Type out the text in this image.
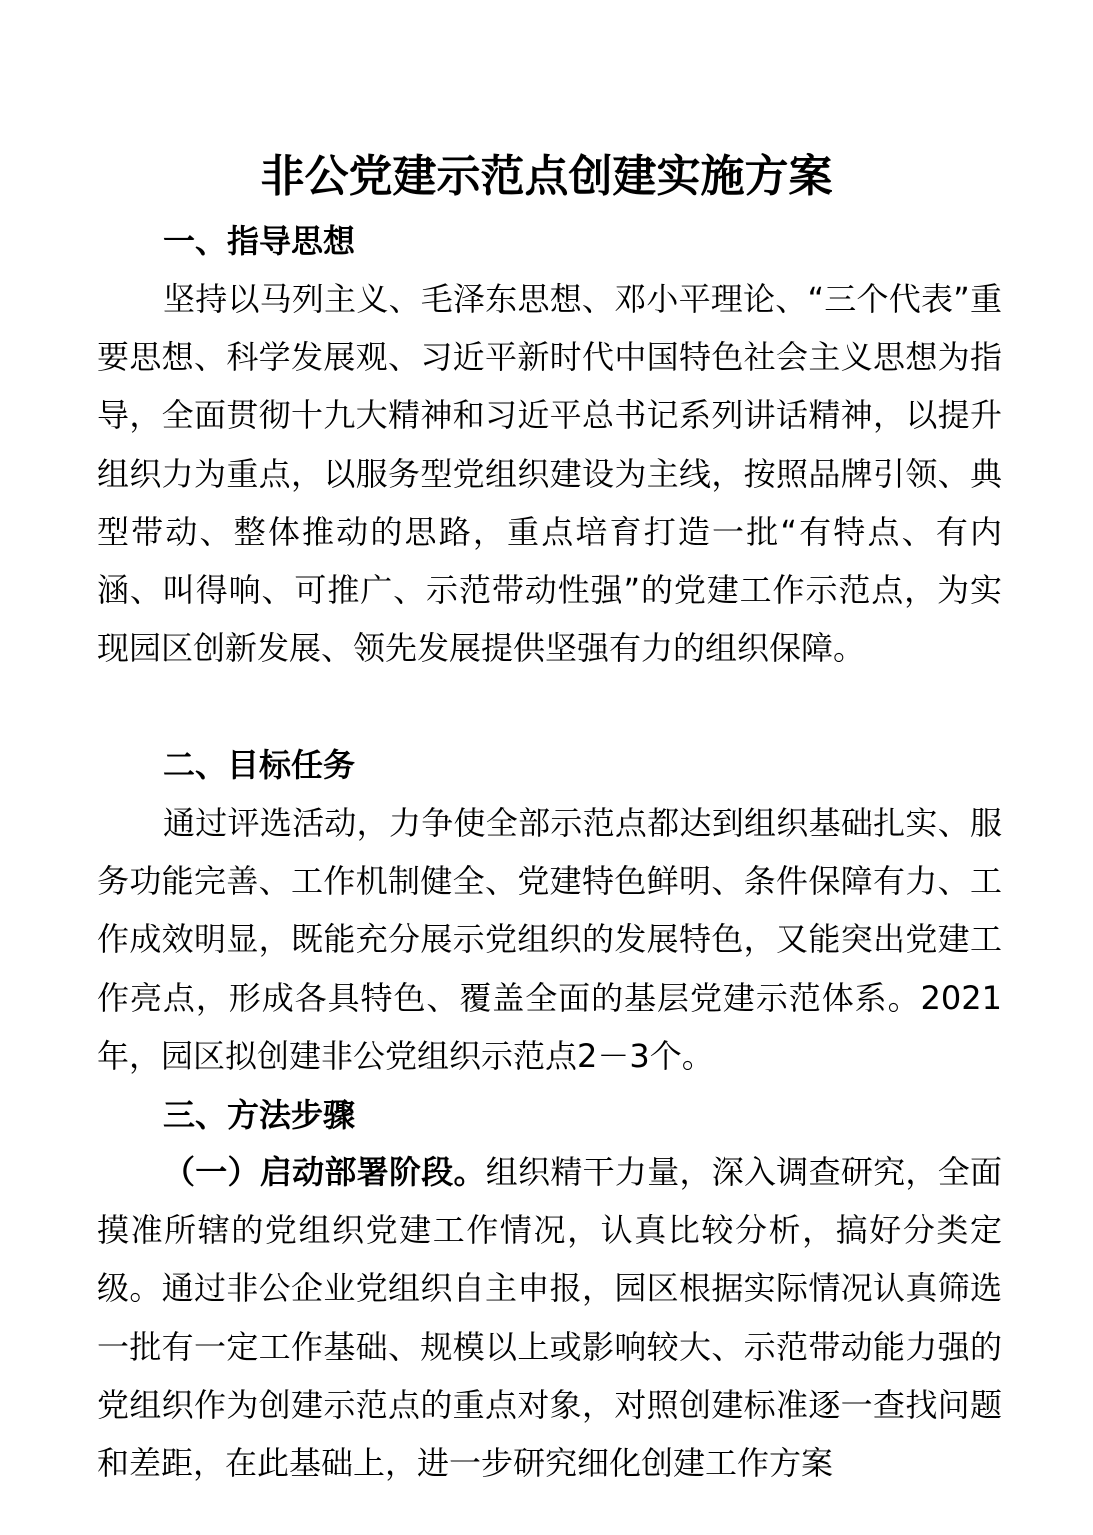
非公党建示范点创建实施方案
一、指导思想
坚持以马列主义、毛泽东思想、邓小平理论、“三个代表”重要思想、科学发展观、习近平新时代中国特色社会主义思想为指导，全面贯彻十九大精神和习近平总书记系列讲话精神，以提升组织力为重点，以服务型党组织建设为主线，按照品牌引领、典型带动、整体推动的思路，重点培育打造一批“有特点、有内涵、叫得响、可推广、示范带动性强”的党建工作示范点，为实现园区创新发展、领先发展提供坚强有力的组织保障。
二、目标任务
通过评选活动，力争使全部示范点都达到组织基础扎实、服务功能完善、工作机制健全、党建特色鲜明、条件保障有力、工作成效明显，既能充分展示党组织的发展特色，又能突出党建工作亮点，形成各具特色、覆盖全面的基层党建示范体系。2021年，园区拟创建非公党组织示范点2－3个。
三、方法步骤
（一）启动部署阶段。组织精干力量，深入调查研究，全面摸准所辖的党组织党建工作情况，认真比较分析，搞好分类定级。通过非公企业党组织自主申报，园区根据实际情况认真筛选一批有一定工作基础、规模以上或影响较大、示范带动能力强的党组织作为创建示范点的重点对象，对照创建标准逐一查找问题和差距，在此基础上，进一步研究细化创建工作方案
